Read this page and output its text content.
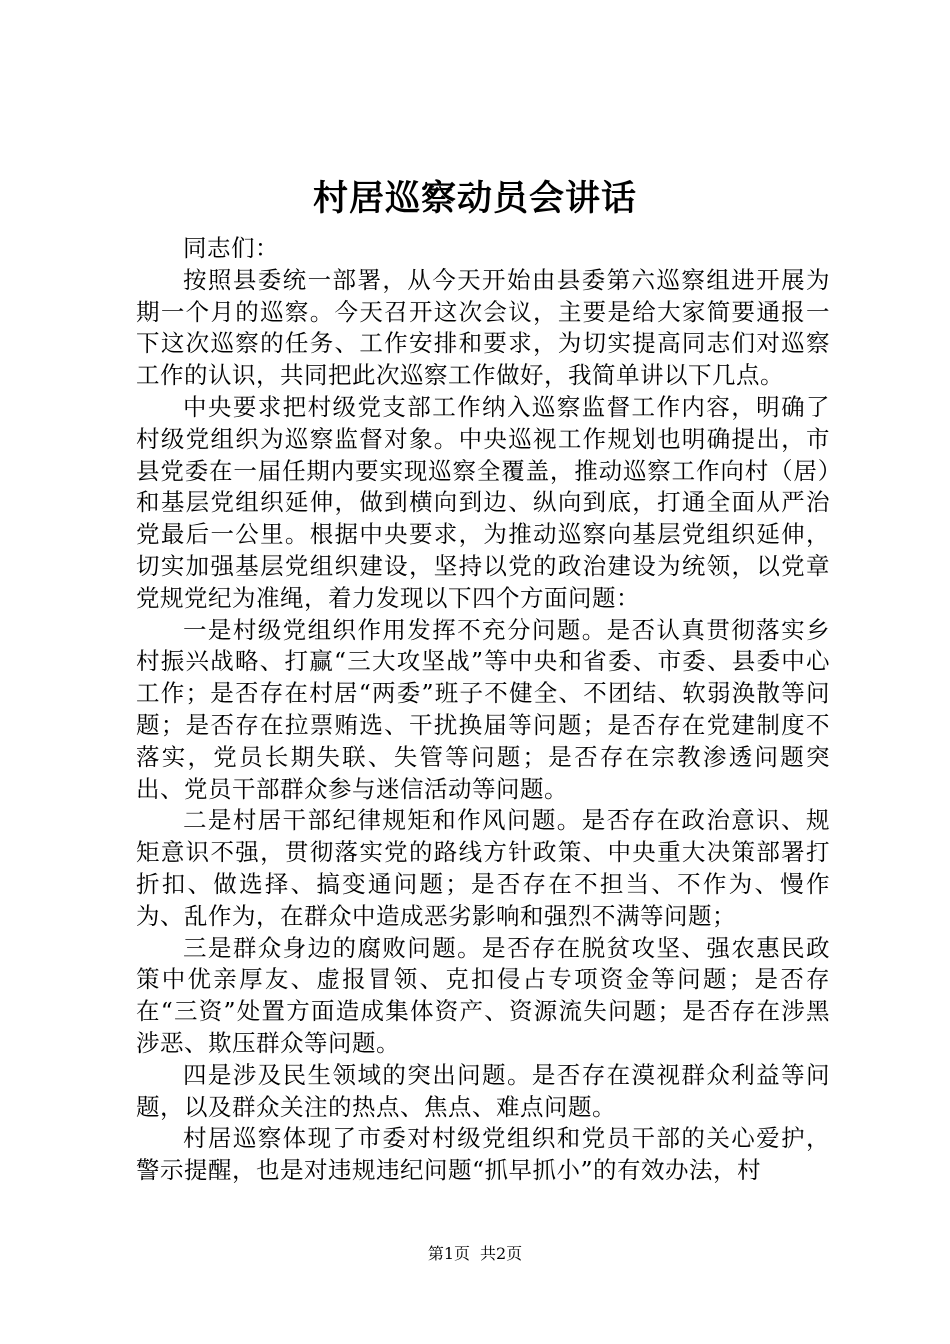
村居巡察动员会讲话

同志们：

按照县委统一部署，从今天开始由县委第六巡察组进开展为期一个月的巡察。今天召开这次会议，主要是给大家简要通报一下这次巡察的任务、工作安排和要求，为切实提高同志们对巡察工作的认识，共同把此次巡察工作做好，我简单讲以下几点。

中央要求把村级党支部工作纳入巡察监督工作内容，明确了村级党组织为巡察监督对象。中央巡视工作规划也明确提出，市县党委在一届任期内要实现巡察全覆盖，推动巡察工作向村（居）和基层党组织延伸，做到横向到边、纵向到底，打通全面从严治党最后一公里。根据中央要求，为推动巡察向基层党组织延伸，切实加强基层党组织建设，坚持以党的政治建设为统领，以党章党规党纪为准绳，着力发现以下四个方面问题：

一是村级党组织作用发挥不充分问题。是否认真贯彻落实乡村振兴战略、打赢“三大攻坚战”等中央和省委、市委、县委中心工作；是否存在村居“两委”班子不健全、不团结、软弱涣散等问题；是否存在拉票贿选、干扰换届等问题；是否存在党建制度不落实，党员长期失联、失管等问题；是否存在宗教渗透问题突出、党员干部群众参与迷信活动等问题。

二是村居干部纪律规矩和作风问题。是否存在政治意识、规矩意识不强，贯彻落实党的路线方针政策、中央重大决策部署打折扣、做选择、搞变通问题；是否存在不担当、不作为、慢作为、乱作为，在群众中造成恶劣影响和强烈不满等问题；

三是群众身边的腐败问题。是否存在脱贫攻坚、强农惠民政策中优亲厚友、虚报冒领、克扣侵占专项资金等问题；是否存在“三资”处置方面造成集体资产、资源流失问题；是否存在涉黑涉恶、欺压群众等问题。

四是涉及民生领域的突出问题。是否存在漠视群众利益等问题，以及群众关注的热点、焦点、难点问题。

村居巡察体现了市委对村级党组织和党员干部的关心爱护，警示提醒，也是对违规违纪问题“抓早抓小”的有效办法，村

第1页 共2页
